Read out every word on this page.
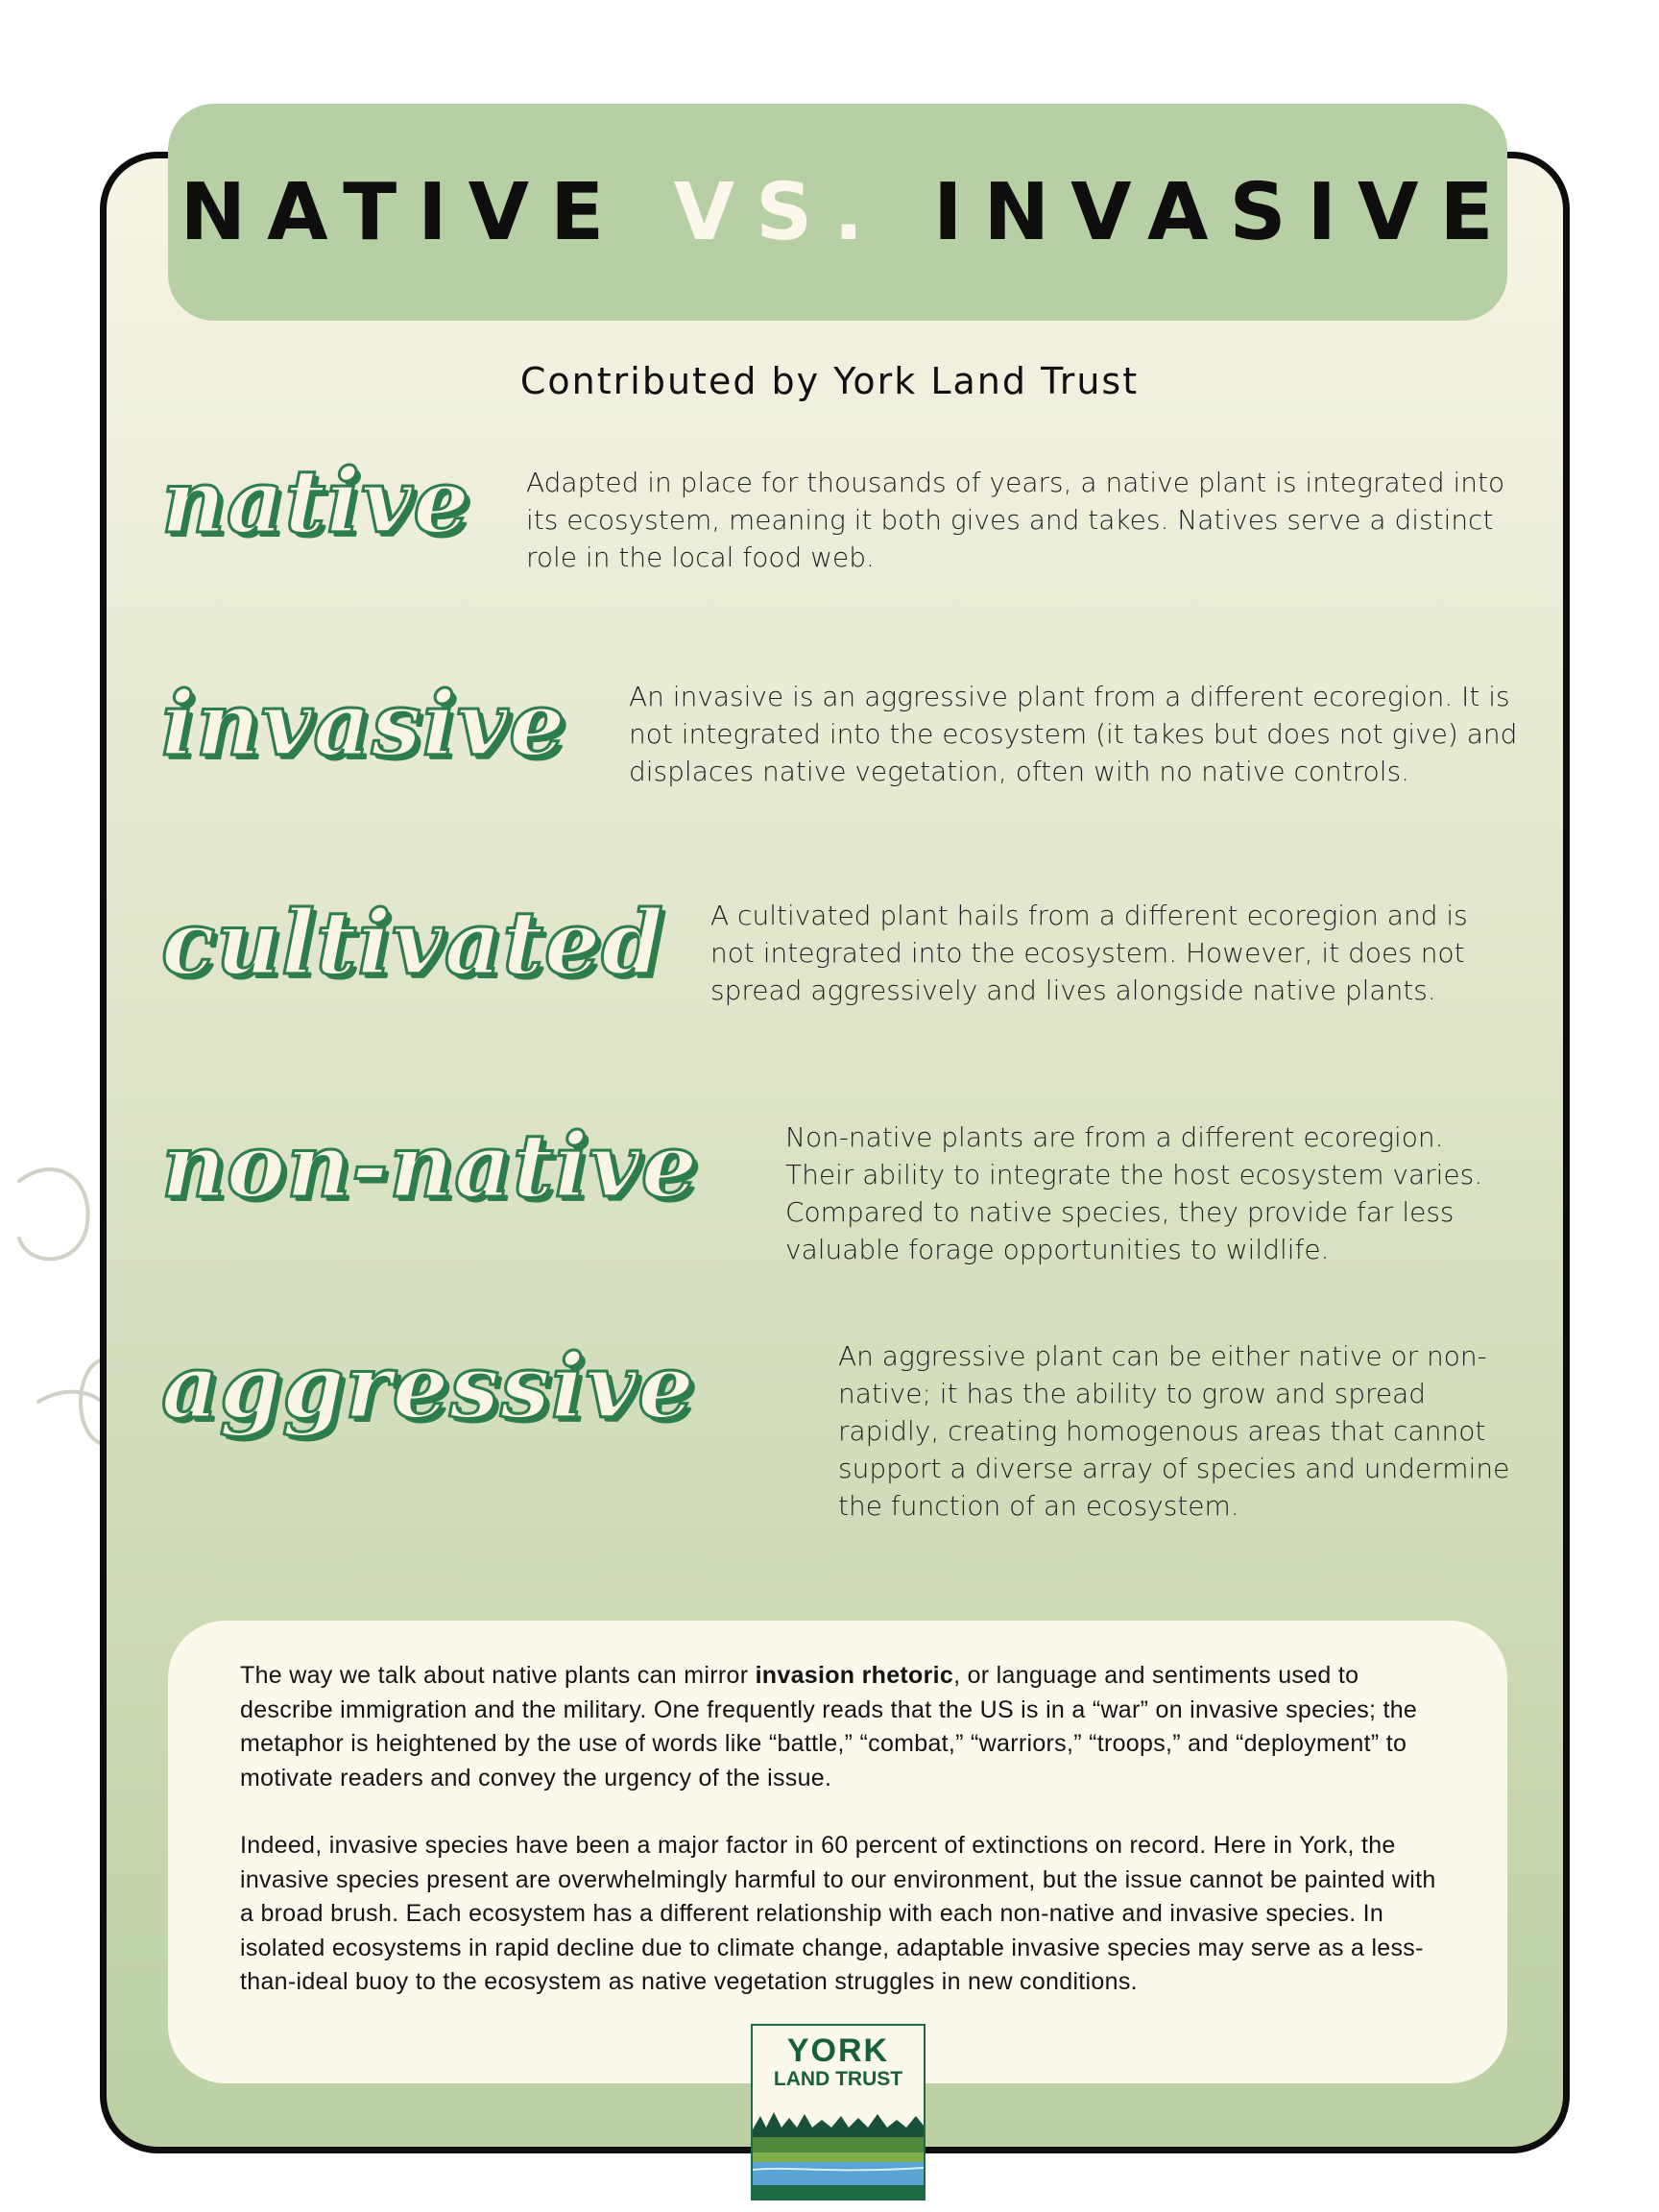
NATIVE VS. INVASIVE
Contributed by York Land Trust
native Adapted in place for thousands of years, a native plant is integrated into its ecosystem, meaning it both gives and takes. Natives serve a distinct role in the local food web.
invasive An invasive is an aggressive plant from a different ecoregion. It is not integrated into the ecosystem (it takes but does not give) and displaces native vegetation, often with no native controls.
cultivated A cultivated plant hails from a different ecoregion and is not integrated into the ecosystem. However, it does not spread aggressively and lives alongside native plants.
non-native	Non-native plants are from a different ecoregion. Their ability to integrate the host ecosystem varies. Compared to native species, they provide far less valuable forage opportunities to wildlife.
aggressive	An aggressive plant can be either native or non-native; it has the ability to grow and spread rapidly, creating homogenous areas that cannot support a diverse array of species and undermine the function of an ecosystem.

The way we talk about native plants can mirror invasion rhetoric, or language and sentiments used to describe immigration and the military. One frequently reads that the US is in a “war” on invasive species; the metaphor is heightened by the use of words like “battle,” “combat,” “warriors,” “troops,” and “deployment” to motivate readers and convey the urgency of the issue.

Indeed, invasive species have been a major factor in 60 percent of extinctions on record. Here in York, the invasive species present are overwhelmingly harmful to our environment, but the issue cannot be painted with a broad brush. Each ecosystem has a different relationship with each non-native and invasive species. In isolated ecosystems in rapid decline due to climate change, adaptable invasive species may serve as a less-than-ideal buoy to the ecosystem as native vegetation struggles in new conditions.

YORK
LAND TRUST
